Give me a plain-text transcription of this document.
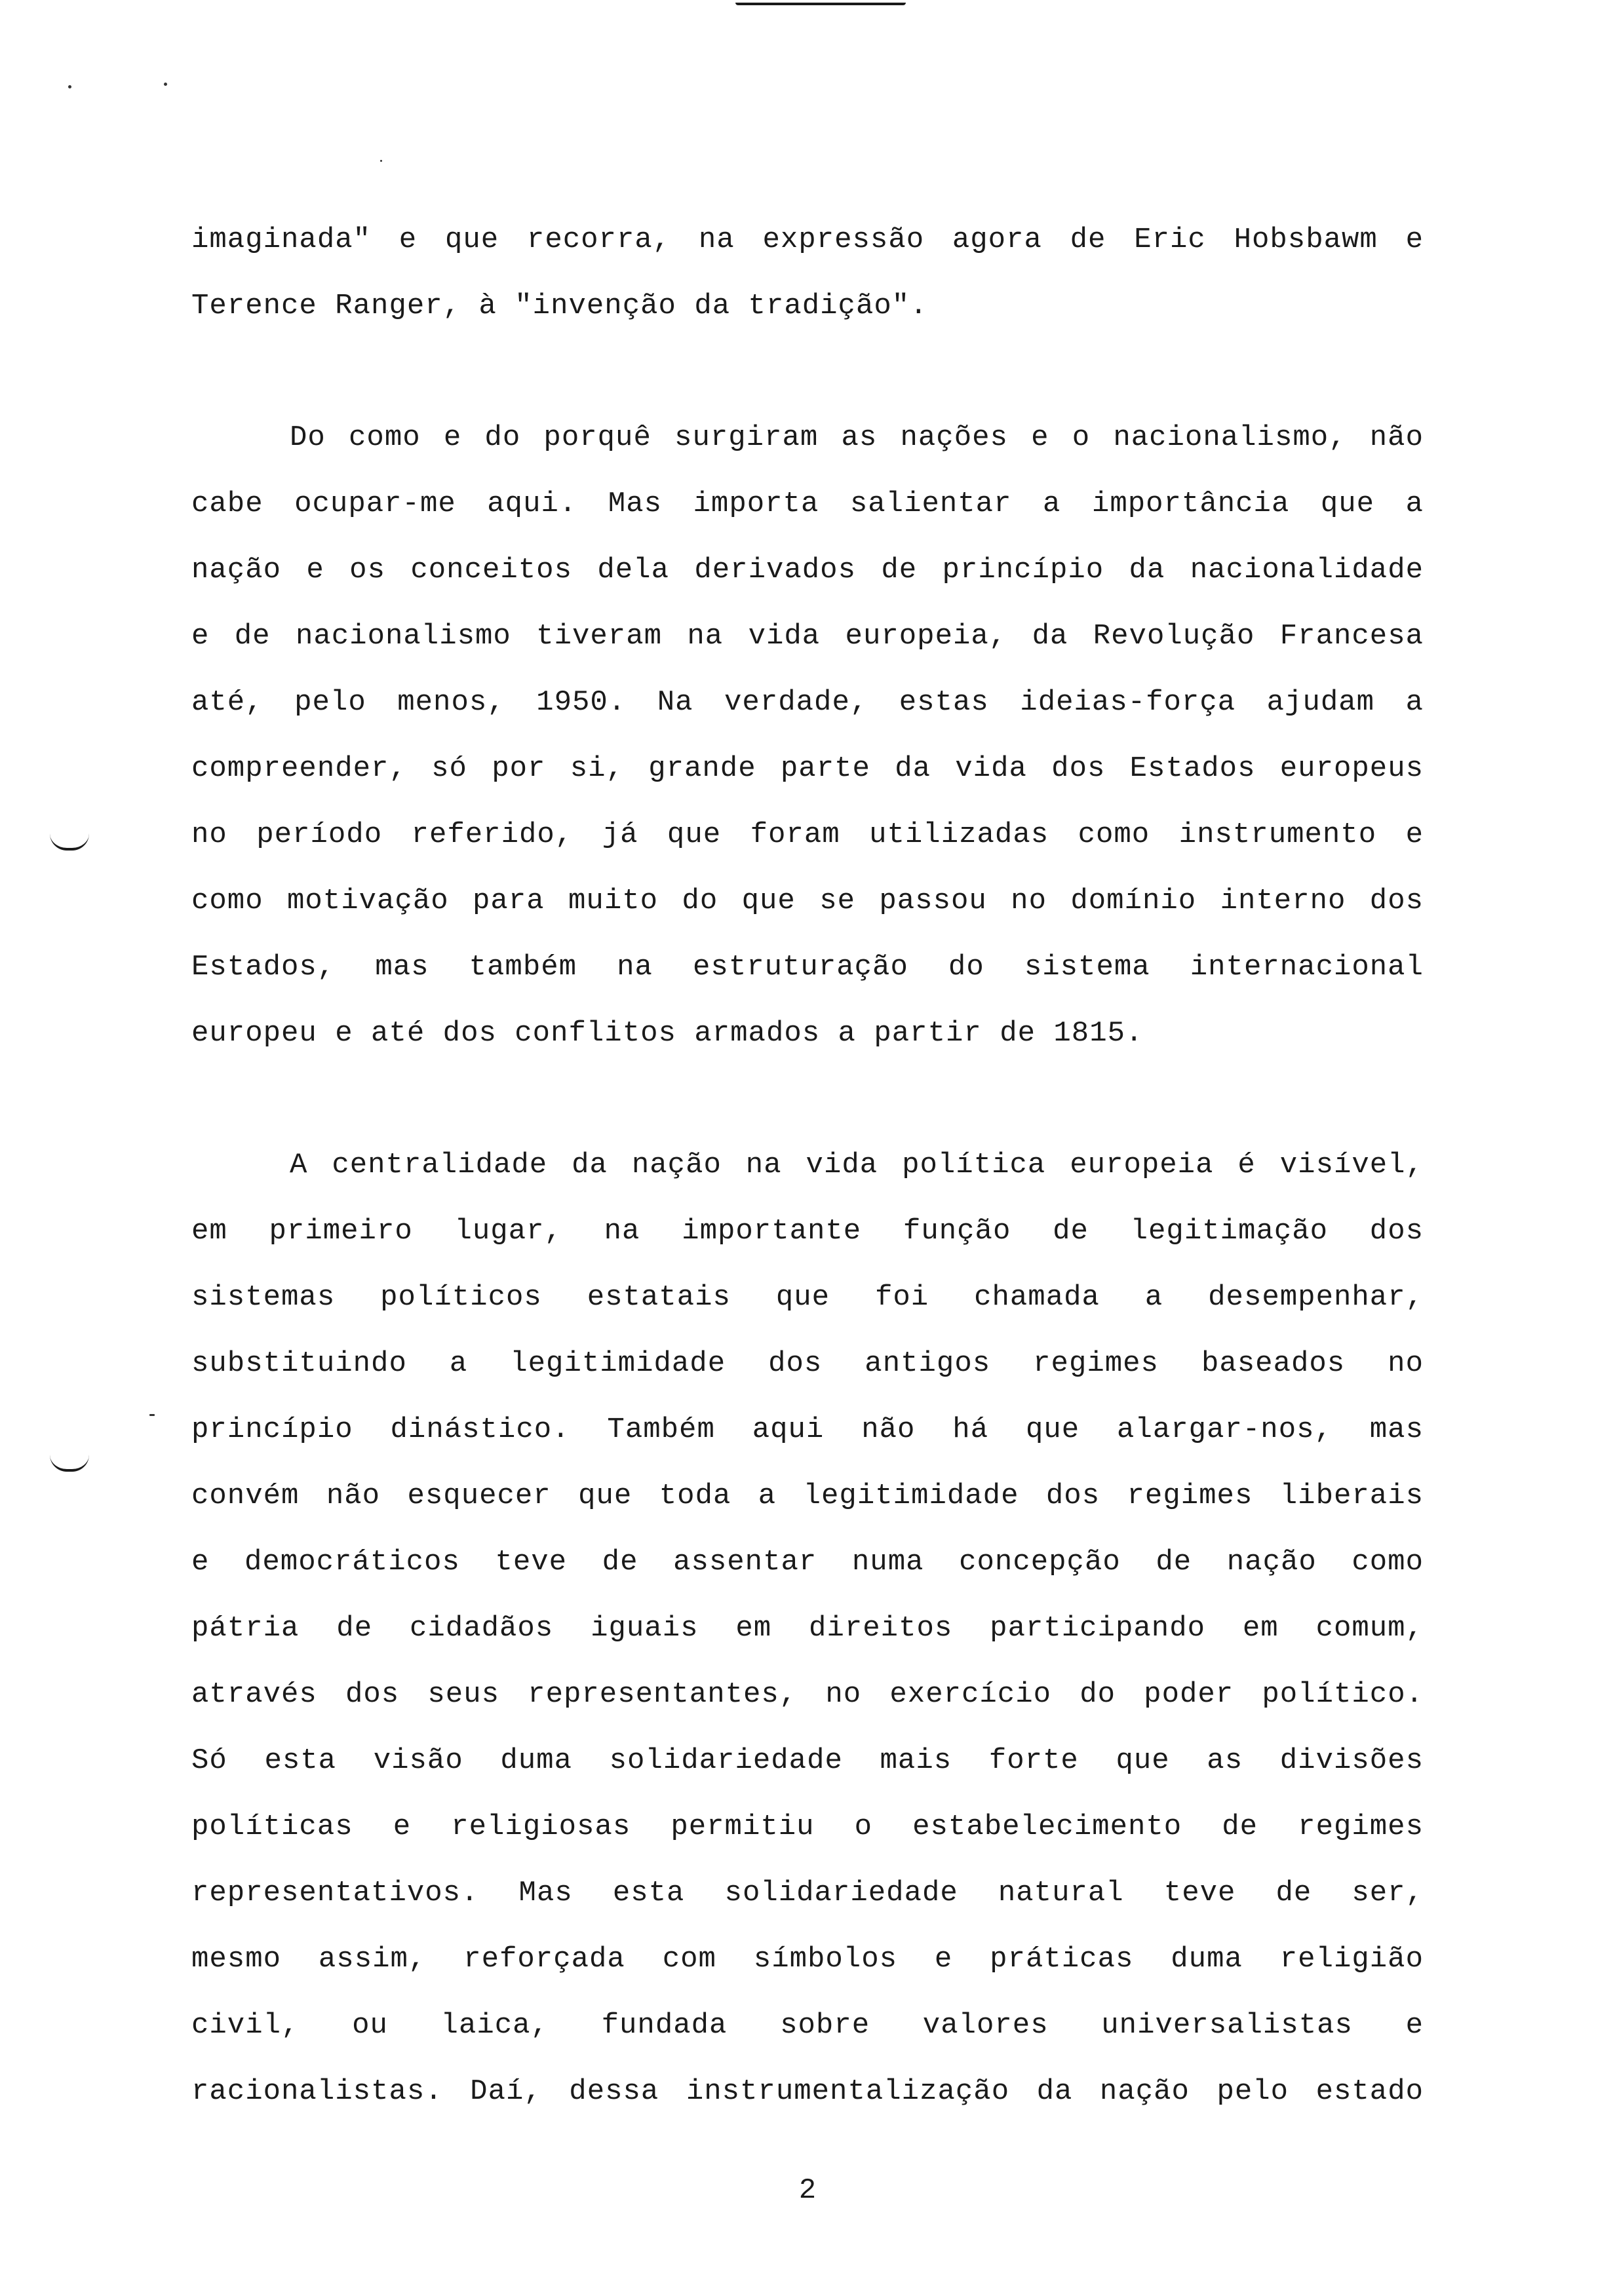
imaginada" e que recorra, na expressão agora de Eric Hobsbawm e
Terence Ranger, à "invenção da tradição".
Do como e do porquê surgiram as nações e o nacionalismo, não
cabe ocupar-me aqui. Mas importa salientar a importância que a
nação e os conceitos dela derivados de princípio da nacionalidade
e de nacionalismo tiveram na vida europeia, da Revolução Francesa
até, pelo menos, 1950. Na verdade, estas ideias-força ajudam a
compreender, só por si, grande parte da vida dos Estados europeus
no período referido, já que foram utilizadas como instrumento e
como motivação para muito do que se passou no domínio interno dos
Estados, mas também na estruturação do sistema internacional
europeu e até dos conflitos armados a partir de 1815.
A centralidade da nação na vida política europeia é visível,
em primeiro lugar, na importante função de legitimação dos
sistemas políticos estatais que foi chamada a desempenhar,
substituindo a legitimidade dos antigos regimes baseados no
princípio dinástico. Também aqui não há que alargar-nos, mas
convém não esquecer que toda a legitimidade dos regimes liberais
e democráticos teve de assentar numa concepção de nação como
pátria de cidadãos iguais em direitos participando em comum,
através dos seus representantes, no exercício do poder político.
Só esta visão duma solidariedade mais forte que as divisões
políticas e religiosas permitiu o estabelecimento de regimes
representativos. Mas esta solidariedade natural teve de ser,
mesmo assim, reforçada com símbolos e práticas duma religião
civil, ou laica, fundada sobre valores universalistas e
racionalistas. Daí, dessa instrumentalização da nação pelo estado
2
